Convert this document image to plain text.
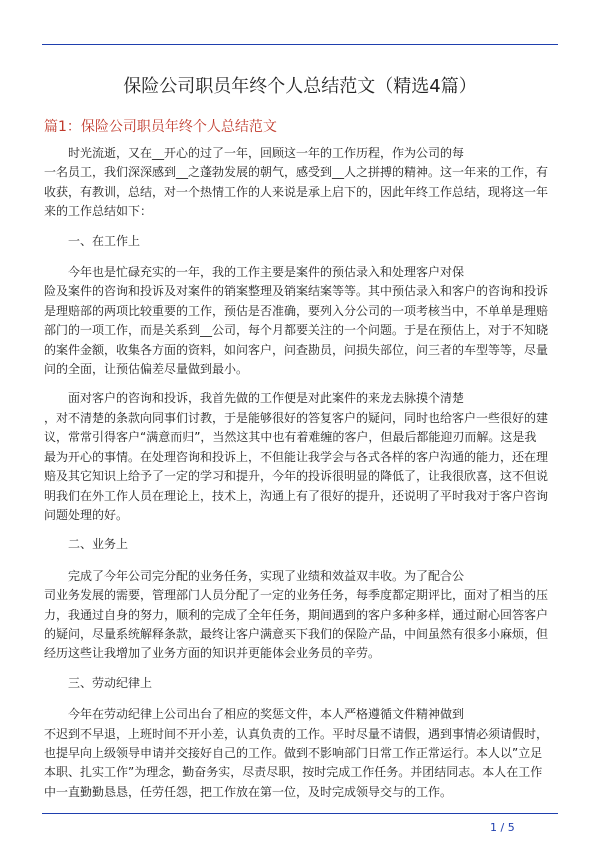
保险公司职员年终个人总结范文（精选4篇）
篇1：保险公司职员年终个人总结范文

时光流逝，又在__开心的过了一年，回顾这一年的工作历程，作为公司的每
一名员工，我们深深感到__之蓬勃发展的朝气，感受到__人之拼搏的精神。这一年来的工作，有
收获，有教训，总结，对一个热情工作的人来说是承上启下的，因此年终工作总结，现将这一年
来的工作总结如下：

一、在工作上

今年也是忙碌充实的一年，我的工作主要是案件的预估录入和处理客户对保
险及案件的咨询和投诉及对案件的销案整理及销案结案等等。其中预估录入和客户的咨询和投诉
是理赔部的两项比较重要的工作，预估是否准确，要列入分公司的一项考核当中，不单单是理赔
部门的一项工作，而是关系到__公司，每个月都要关注的一个问题。于是在预估上，对于不知晓
的案件金额，收集各方面的资料，如问客户，问查勘员，问损失部位，问三者的车型等等，尽量
问的全面，让预估偏差尽量做到最小。

面对客户的咨询和投诉，我首先做的工作便是对此案件的来龙去脉摸个清楚
，对不清楚的条款向同事们讨教，于是能够很好的答复客户的疑问，同时也给客户一些很好的建
议，常常引得客户“满意而归”，当然这其中也有着难缠的客户，但最后都能迎刃而解。这是我
最为开心的事情。在处理咨询和投诉上，不但能让我学会与各式各样的客户沟通的能力，还在理
赔及其它知识上给予了一定的学习和提升，今年的投诉很明显的降低了，让我很欣喜，这不但说
明我们在外工作人员在理论上，技术上，沟通上有了很好的提升，还说明了平时我对于客户咨询
问题处理的好。

二、业务上

完成了今年公司完分配的业务任务，实现了业绩和效益双丰收。为了配合公
司业务发展的需要，管理部门人员分配了一定的业务任务，每季度都定期评比，面对了相当的压
力，我通过自身的努力，顺利的完成了全年任务，期间遇到的客户多种多样，通过耐心回答客户
的疑问，尽量系统解释条款，最终让客户满意买下我们的保险产品，中间虽然有很多小麻烦，但
经历这些让我增加了业务方面的知识并更能体会业务员的辛劳。

三、劳动纪律上

今年在劳动纪律上公司出台了相应的奖惩文件，本人严格遵循文件精神做到
不迟到不早退，上班时间不开小差，认真负责的工作。平时尽量不请假，遇到事情必须请假时，
也提早向上级领导申请并交接好自己的工作。做到不影响部门日常工作正常运行。本人以”立足
本职、扎实工作”为理念，勤奋务实，尽责尽职，按时完成工作任务。并团结同志。本人在工作
中一直勤勤恳恳，任劳任怨，把工作放在第一位，及时完成领导交与的工作。

1 / 5
